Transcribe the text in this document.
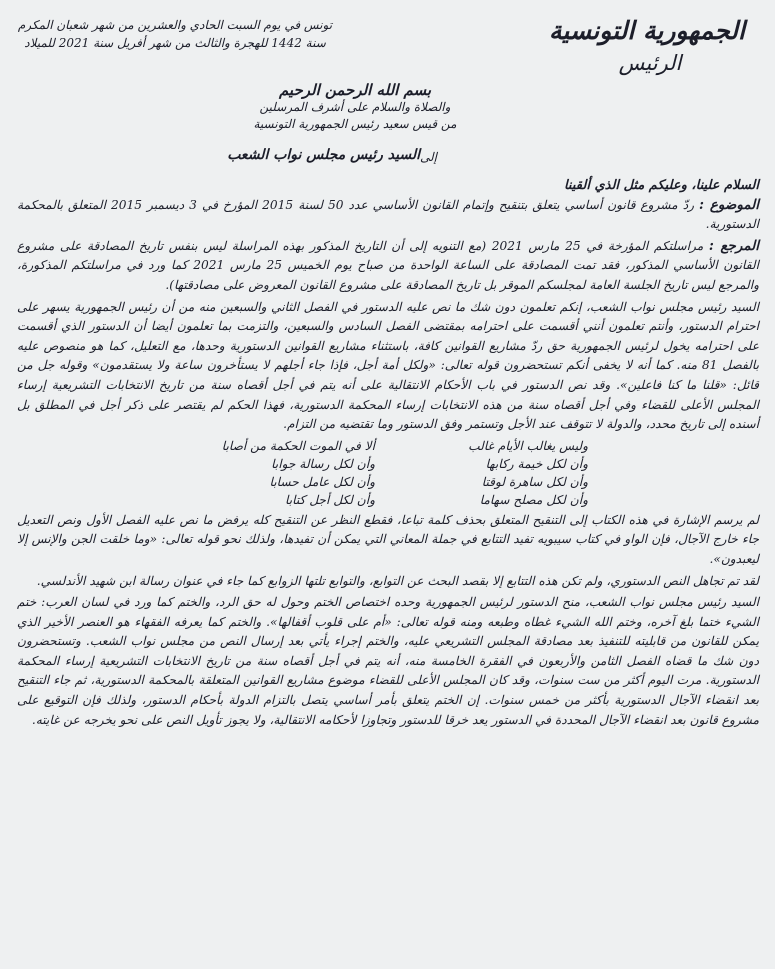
الجمهورية التونسية
الرئيس
تونس في يوم السبت الحادي والعشرين من شهر شعبان المكرم
سنة 1442 للهجرة والثالث من شهر أفريل سنة 2021 للميلاد
بسم الله الرحمن الرحيم
والصلاة والسلام على أشرف المرسلين
من قيس سعيد رئيس الجمهورية التونسية
إلى
السيد رئيس مجلس نواب الشعب

السلام علينا، وعليكم مثل الذي ألقينا

الموضوع : ردّ مشروع قانون أساسي يتعلق بتنقيح وإتمام القانون الأساسي عدد 50 لسنة 2015 المؤرخ في 3 ديسمبر 2015 المتعلق بالمحكمة الدستورية.

المرجع : مراسلتكم المؤرخة في 25 مارس 2021 (مع التنويه إلى أن التاريخ المذكور بهذه المراسلة ليس بنفس تاريخ المصادقة على مشروع القانون الأساسي المذكور، فقد تمت المصادقة على الساعة الواحدة من صباح يوم الخميس 25 مارس 2021 كما ورد في مراسلتكم المذكورة، والمرجع ليس تاريخ الجلسة العامة لمجلسكم الموقر بل تاريخ المصادقة على مشروع القانون المعروض على مصادقتها).

السيد رئيس مجلس نواب الشعب، إنكم تعلمون دون شك ما نص عليه الدستور في الفصل الثاني والسبعين منه من أن رئيس الجمهورية يسهر على احترام الدستور، وأنتم تعلمون أنني أقسمت على احترامه بمقتضى الفصل السادس والسبعين، والتزمت بما تعلمون أيضا أن الدستور الذي أقسمت على احترامه يخول لرئيس الجمهورية حق ردّ مشاريع القوانين كافة، باستثناء مشاريع القوانين الدستورية وحدها، مع التعليل، كما هو منصوص عليه بالفصل 81 منه. كما أنه لا يخفى أنكم تستحضرون قوله تعالى: «ولكل أمة أجل، فإذا جاء أجلهم لا يستأخرون ساعة ولا يستقدمون» وقوله جل من قائل: «قلنا ما كنا فاعلين». وقد نص الدستور في باب الأحكام الانتقالية على أنه يتم في أجل أقصاه سنة من تاريخ الانتخابات التشريعية إرساء المجلس الأعلى للقضاء وفي أجل أقصاه سنة من هذه الانتخابات إرساء المحكمة الدستورية، فهذا الحكم لم يقتصر على ذكر أجل في المطلق بل أسنده إلى تاريخ محدد، والدولة لا تتوقف عند الأجل وتستمر وفق الدستور وما تقتضيه من التزام.

وليس يغالب الأيام غالب
ألا في الموت الحكمة من أصابا
وأن لكل خيمة ركابها
وأن لكل رسالة جوابا
وأن لكل ساهرة لوقتا
وأن لكل عامل حسابا
وأن لكل مصلح سهاما
وأن لكل أجل كتابا

لم يرسم الإشارة في هذه الكتاب إلى التنقيح المتعلق بحذف كلمة تباعا، فقطع النظر عن التنقيح كله يرفض ما نص عليه الفصل الأول ونص التعديل جاء خارج الآجال، فإن الواو في كتاب سيبويه تفيد التتابع في جملة المعاني التي يمكن أن تفيدها، ولذلك نحو قوله تعالى: «وما خلقت الجن والإنس إلا ليعبدون».

لقد تم تجاهل النص الدستوري، ولم تكن هذه التتابع إلا بقصد البحث عن التوابع، والتوابع تلتها الزوابع كما جاء في عنوان رسالة ابن شهيد الأندلسي.

السيد رئيس مجلس نواب الشعب، منح الدستور لرئيس الجمهورية وحده اختصاص الختم وحول له حق الرد، والختم كما ورد في لسان العرب: ختم الشيء ختما بلغ آخره، وختم الله الشيء غطاه وطبعه ومنه قوله تعالى: «أم على قلوب أقفالها». والختم كما يعرفه الفقهاء هو العنصر الأخير الذي يمكن للقانون من قابليته للتنفيذ بعد مصادقة المجلس التشريعي عليه، والختم إجراء يأتي بعد إرسال النص من مجلس نواب الشعب. وتستحضرون دون شك ما قضاه الفصل الثامن والأربعون في الفقرة الخامسة منه، أنه يتم في أجل أقصاه سنة من تاريخ الانتخابات التشريعية إرساء المحكمة الدستورية. مرت اليوم أكثر من ست سنوات، وقد كان المجلس الأعلى للقضاء موضوع مشاريع القوانين المتعلقة بالمحكمة الدستورية، ثم جاء التنقيح بعد انقضاء الآجال الدستورية بأكثر من خمس سنوات. إن الختم يتعلق بأمر أساسي يتصل بالتزام الدولة بأحكام الدستور، ولذلك فإن التوقيع على مشروع قانون بعد انقضاء الآجال المحددة في الدستور يعد خرقا للدستور وتجاوزا لأحكامه الانتقالية، ولا يجوز تأويل النص على نحو يخرجه عن غايته.
